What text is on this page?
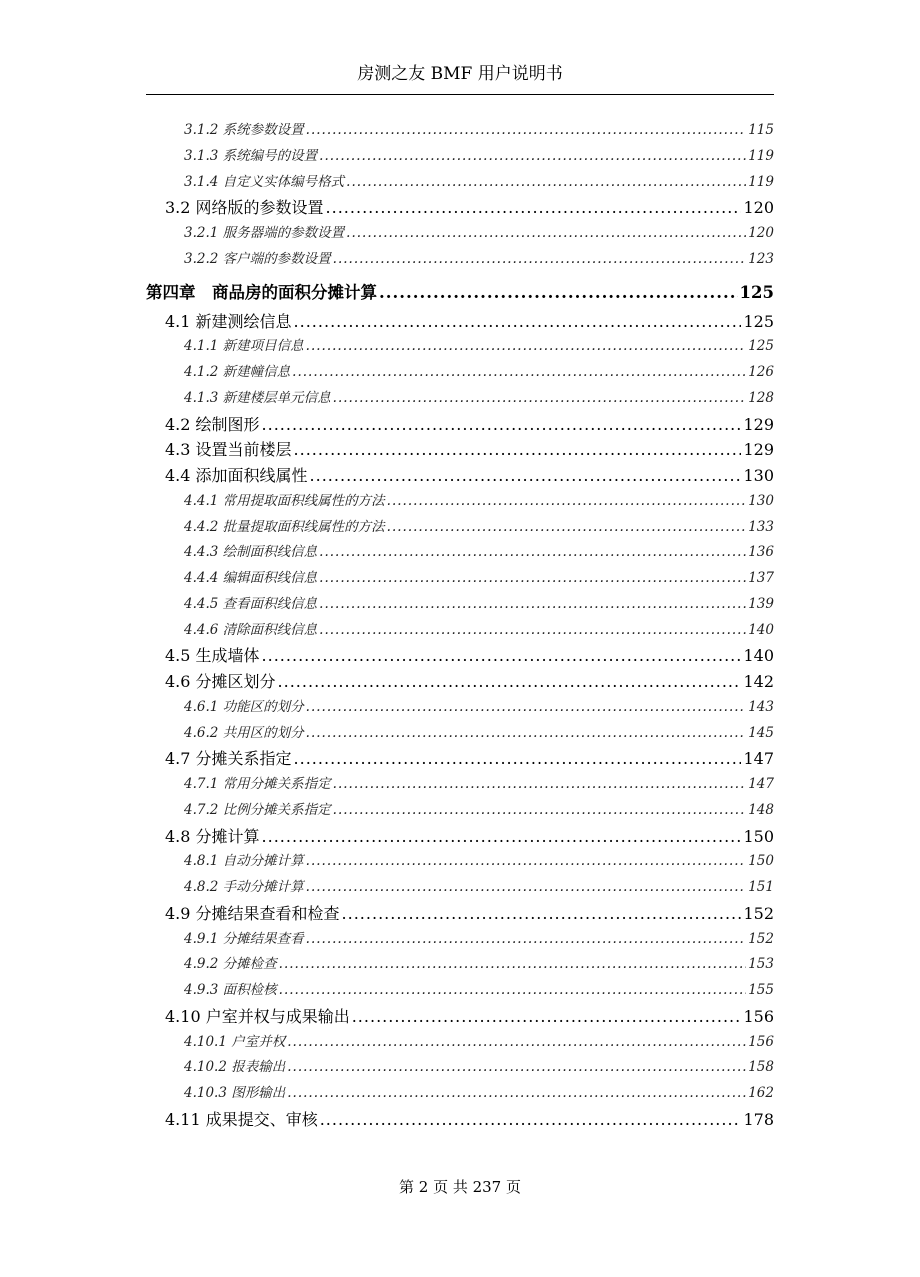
房测之友 BMF 用户说明书
3.1.2 系统参数设置 .....	115
3.1.3 系统编号的设置 .....	119
3.1.4 自定义实体编号格式 .....	119
3.2 网络版的参数设置 .....	120
3.2.1 服务器端的参数设置 .....	120
3.2.2 客户端的参数设置 .....	123
第四章　商品房的面积分摊计算 .....	125
4.1 新建测绘信息 .....	125
4.1.1 新建项目信息 .....	125
4.1.2 新建幢信息 .....	126
4.1.3 新建楼层单元信息 .....	128
4.2 绘制图形 .....	129
4.3 设置当前楼层 .....	129
4.4 添加面积线属性 .....	130
4.4.1 常用提取面积线属性的方法 .....	130
4.4.2 批量提取面积线属性的方法 .....	133
4.4.3 绘制面积线信息 .....	136
4.4.4 编辑面积线信息 .....	137
4.4.5 查看面积线信息 .....	139
4.4.6 清除面积线信息 .....	140
4.5 生成墙体 .....	140
4.6 分摊区划分 .....	142
4.6.1 功能区的划分 .....	143
4.6.2 共用区的划分 .....	145
4.7 分摊关系指定 .....	147
4.7.1 常用分摊关系指定 .....	147
4.7.2 比例分摊关系指定 .....	148
4.8 分摊计算 .....	150
4.8.1 自动分摊计算 .....	150
4.8.2 手动分摊计算 .....	151
4.9 分摊结果查看和检查 .....	152
4.9.1 分摊结果查看 .....	152
4.9.2 分摊检查 .....	153
4.9.3 面积检核 .....	155
4.10 户室并权与成果输出 .....	156
4.10.1 户室并权 .....	156
4.10.2 报表输出 .....	158
4.10.3 图形输出 .....	162
4.11 成果提交、审核 .....	178
第 2 页 共 237 页
